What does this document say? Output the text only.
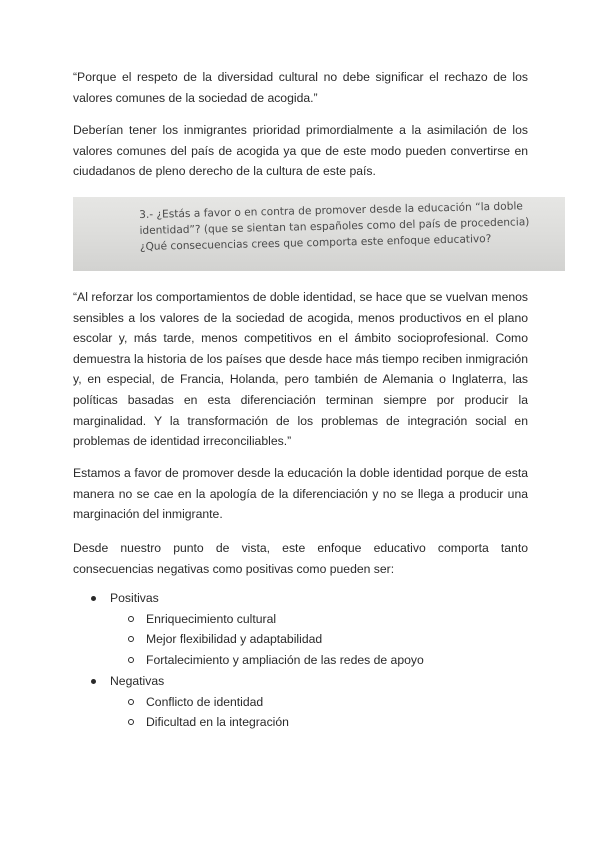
“Porque el respeto de la diversidad cultural no debe significar el rechazo de los valores comunes de la sociedad de acogida.”

Deberían tener los inmigrantes prioridad primordialmente a la asimilación de los valores comunes del país de acogida ya que de este modo pueden convertirse en ciudadanos de pleno derecho de la cultura de este país.

3.- ¿Estás a favor o en contra de promover desde la educación “la doble
identidad”? (que se sientan tan españoles como del país de procedencia)
¿Qué consecuencias crees que comporta este enfoque educativo?

“Al reforzar los comportamientos de doble identidad, se hace que se vuelvan menos sensibles a los valores de la sociedad de acogida, menos productivos en el plano escolar y, más tarde, menos competitivos en el ámbito socioprofesional. Como demuestra la historia de los países que desde hace más tiempo reciben inmigración y, en especial, de Francia, Holanda, pero también de Alemania o Inglaterra, las políticas basadas en esta diferenciación terminan siempre por producir la marginalidad. Y la transformación de los problemas de integración social en problemas de identidad irreconciliables.”

Estamos a favor de promover desde la educación la doble identidad porque de esta manera no se cae en la apología de la diferenciación y no se llega a producir una marginación del inmigrante.

Desde nuestro punto de vista, este enfoque educativo comporta tanto consecuencias negativas como positivas como pueden ser:

Positivas
Enriquecimiento cultural
Mejor flexibilidad y adaptabilidad
Fortalecimiento y ampliación de las redes de apoyo
Negativas
Conflicto de identidad
Dificultad en la integración
